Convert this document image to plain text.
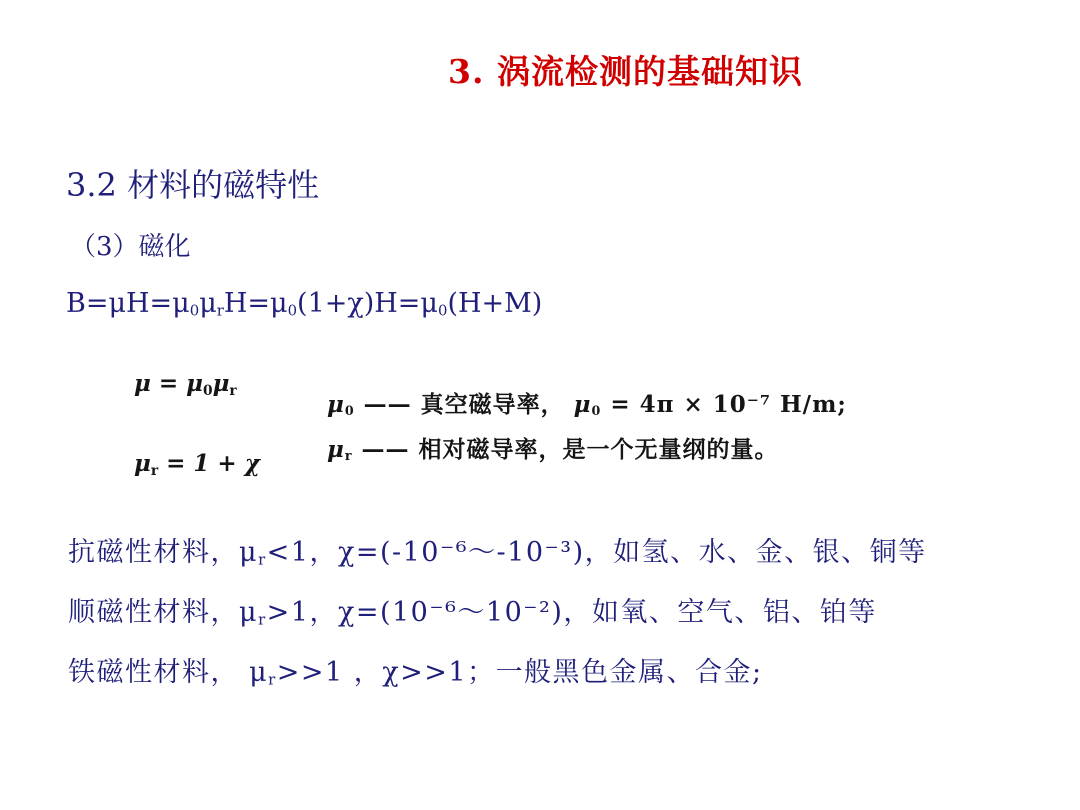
3. 涡流检测的基础知识
3.2 材料的磁特性
（3）磁化
$B=\mu H=\mu_0\mu_rH=\mu_0(1+\chi)H=\mu_0(H+M)$
$\mu = \mu_0\mu_r$
$\mu_r = 1 + \chi$
$\mu_0$ —— 真空磁导率， $\mu_0 = 4\pi \times 10^{-7}$ H/m;
$\mu_r$ —— 相对磁导率，是一个无量纲的量。
抗磁性材料，$\mu_r<1$，χ=(-10⁻⁶～-10⁻³)，如氢、水、金、银、铜等
顺磁性材料，$\mu_r>1$，χ=(10⁻⁶～10⁻²)，如氧、空气、铝、铂等
铁磁性材料， $\mu_r>>1$ ，χ>>1；一般黑色金属、合金;
